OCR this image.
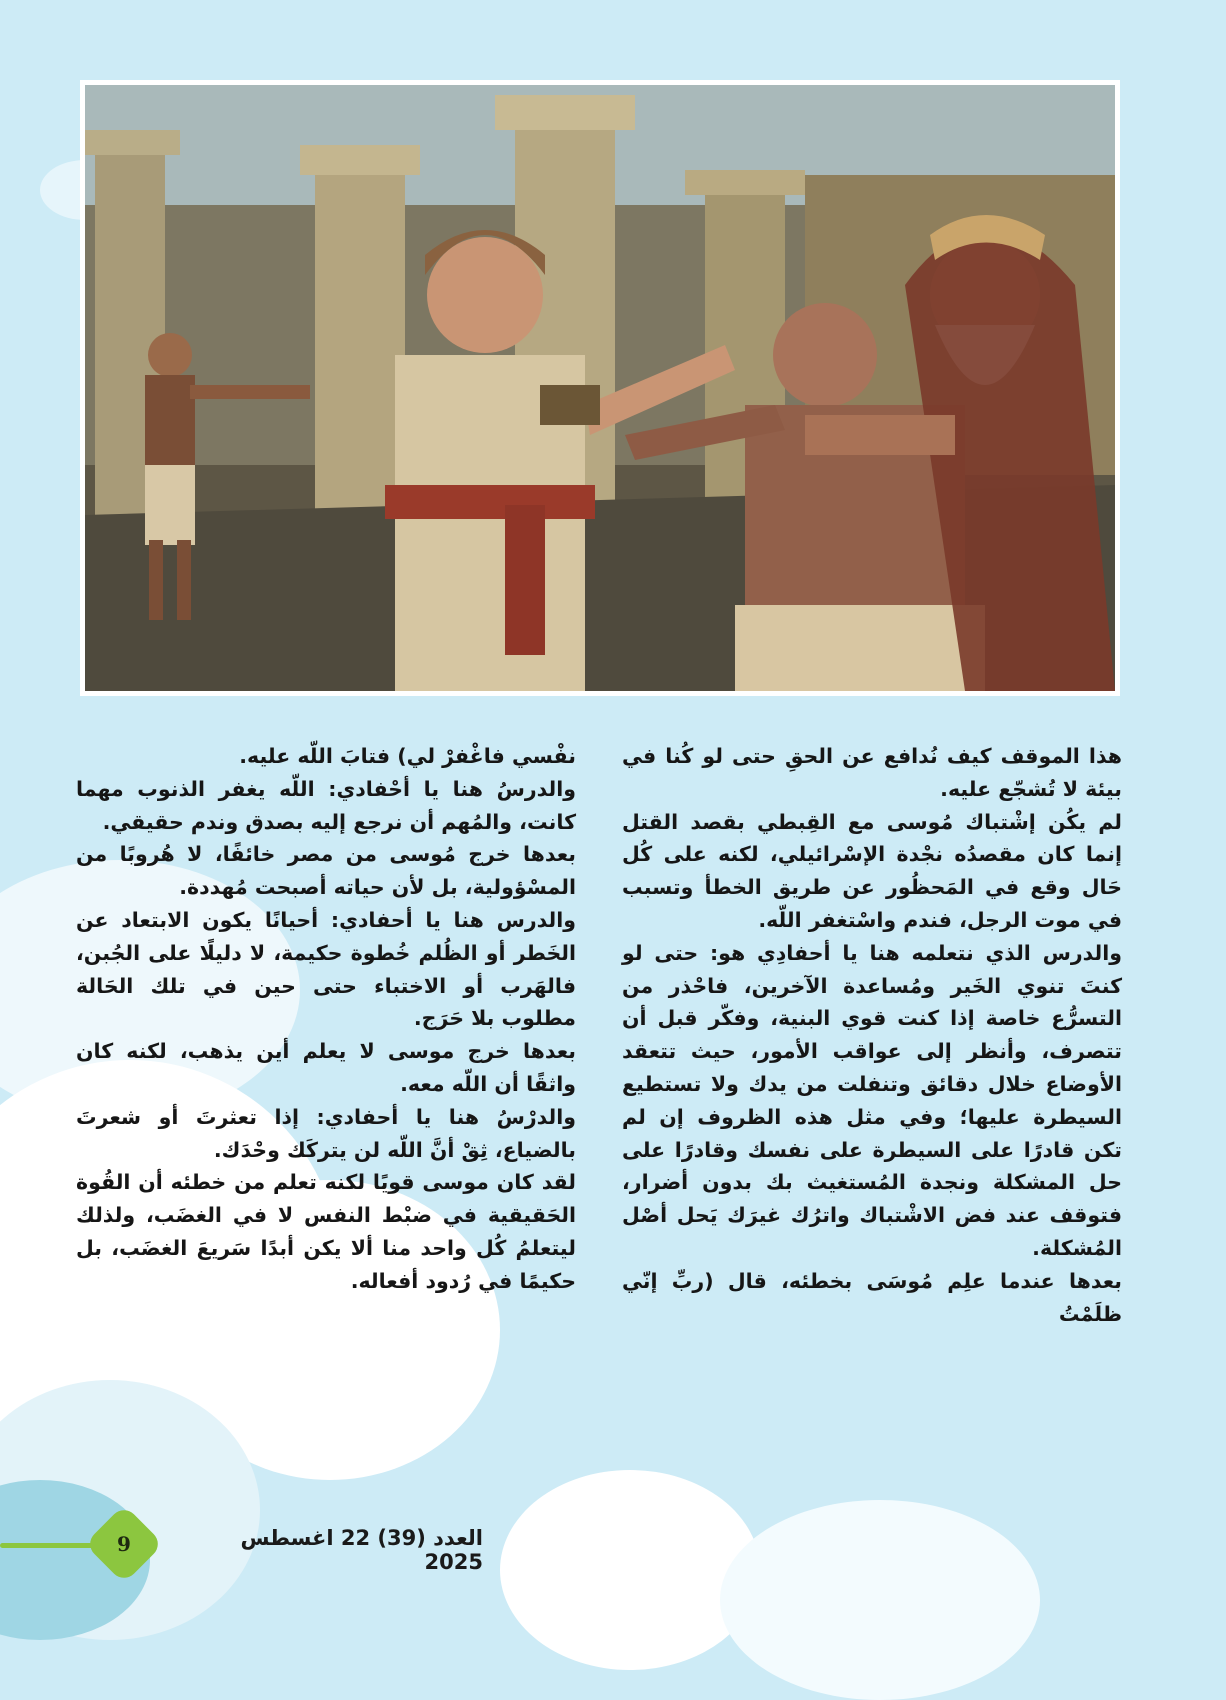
هذا الموقف كيف نُدافع عن الحقِ حتى لو كُنا في بيئة لا تُشجّع عليه.

لم يكُن إشْتباك مُوسى مع القِبطي بقصد القتل إنما كان مقصدُه نجْدة الإسْرائيلي، لكنه على كُل حَال وقع في المَحظُور عن طريق الخطأ وتسبب في موت الرجل، فندم واسْتغفر اللّه.

والدرس الذي نتعلمه هنا يا أحفادِي هو: حتى لو كنتَ تنوي الخَير ومُساعدة الآخرين، فاحْذر من التسرُّع خاصة إذا كنت قوي البنية، وفكّر قبل أن تتصرف، وأنظر إلى عواقب الأمور، حيث تتعقد الأوضاع خلال دقائق وتنفلت من يدك ولا تستطيع السيطرة عليها؛ وفي مثل هذه الظروف إن لم تكن قادرًا على السيطرة على نفسك وقادرًا على حل المشكلة ونجدة المُستغيث بك بدون أضرار، فتوقف عند فض الاشْتباك واترُك غيرَك يَحل أصْل المُشكلة.

بعدها عندما علِم مُوسَى بخطئه، قال (ربِّ إنّي ظلَمْتُ

نفْسي فاغْفرْ لي) فتابَ اللّه عليه.

والدرسُ هنا يا أحْفادي: اللّه يغفر الذنوب مهما كانت، والمُهم أن نرجع إليه بصدق وندم حقيقي.

بعدها خرج مُوسى من مصر خائفًا، لا هُروبًا من المسْؤولية، بل لأن حياته أصبحت مُهددة.

والدرس هنا يا أحفادي: أحيانًا يكون الابتعاد عن الخَطر أو الظُلم خُطوة حكيمة، لا دليلًا على الجُبن، فالهَرب أو الاختباء حتى حين في تلك الحَالة مطلوب بلا حَرَج.

بعدها خرج موسى لا يعلم أين يذهب، لكنه كان واثقًا أن اللّه معه.

والدرْسُ هنا يا أحفادي: إذا تعثرتَ أو شعرتَ بالضياع، ثِقْ أنَّ اللّه لن يتركَك وحْدَك.

لقد كان موسى قويًا لكنه تعلم من خطئه أن القُوة الحَقيقية في ضبْط النفس لا في الغضَب، ولذلك ليتعلمُ كُل واحد منا ألا يكن أبدًا سَريعَ الغضَب، بل حكيمًا في رُدود أفعاله.

9	العدد (39) 22 اغسطس 2025
